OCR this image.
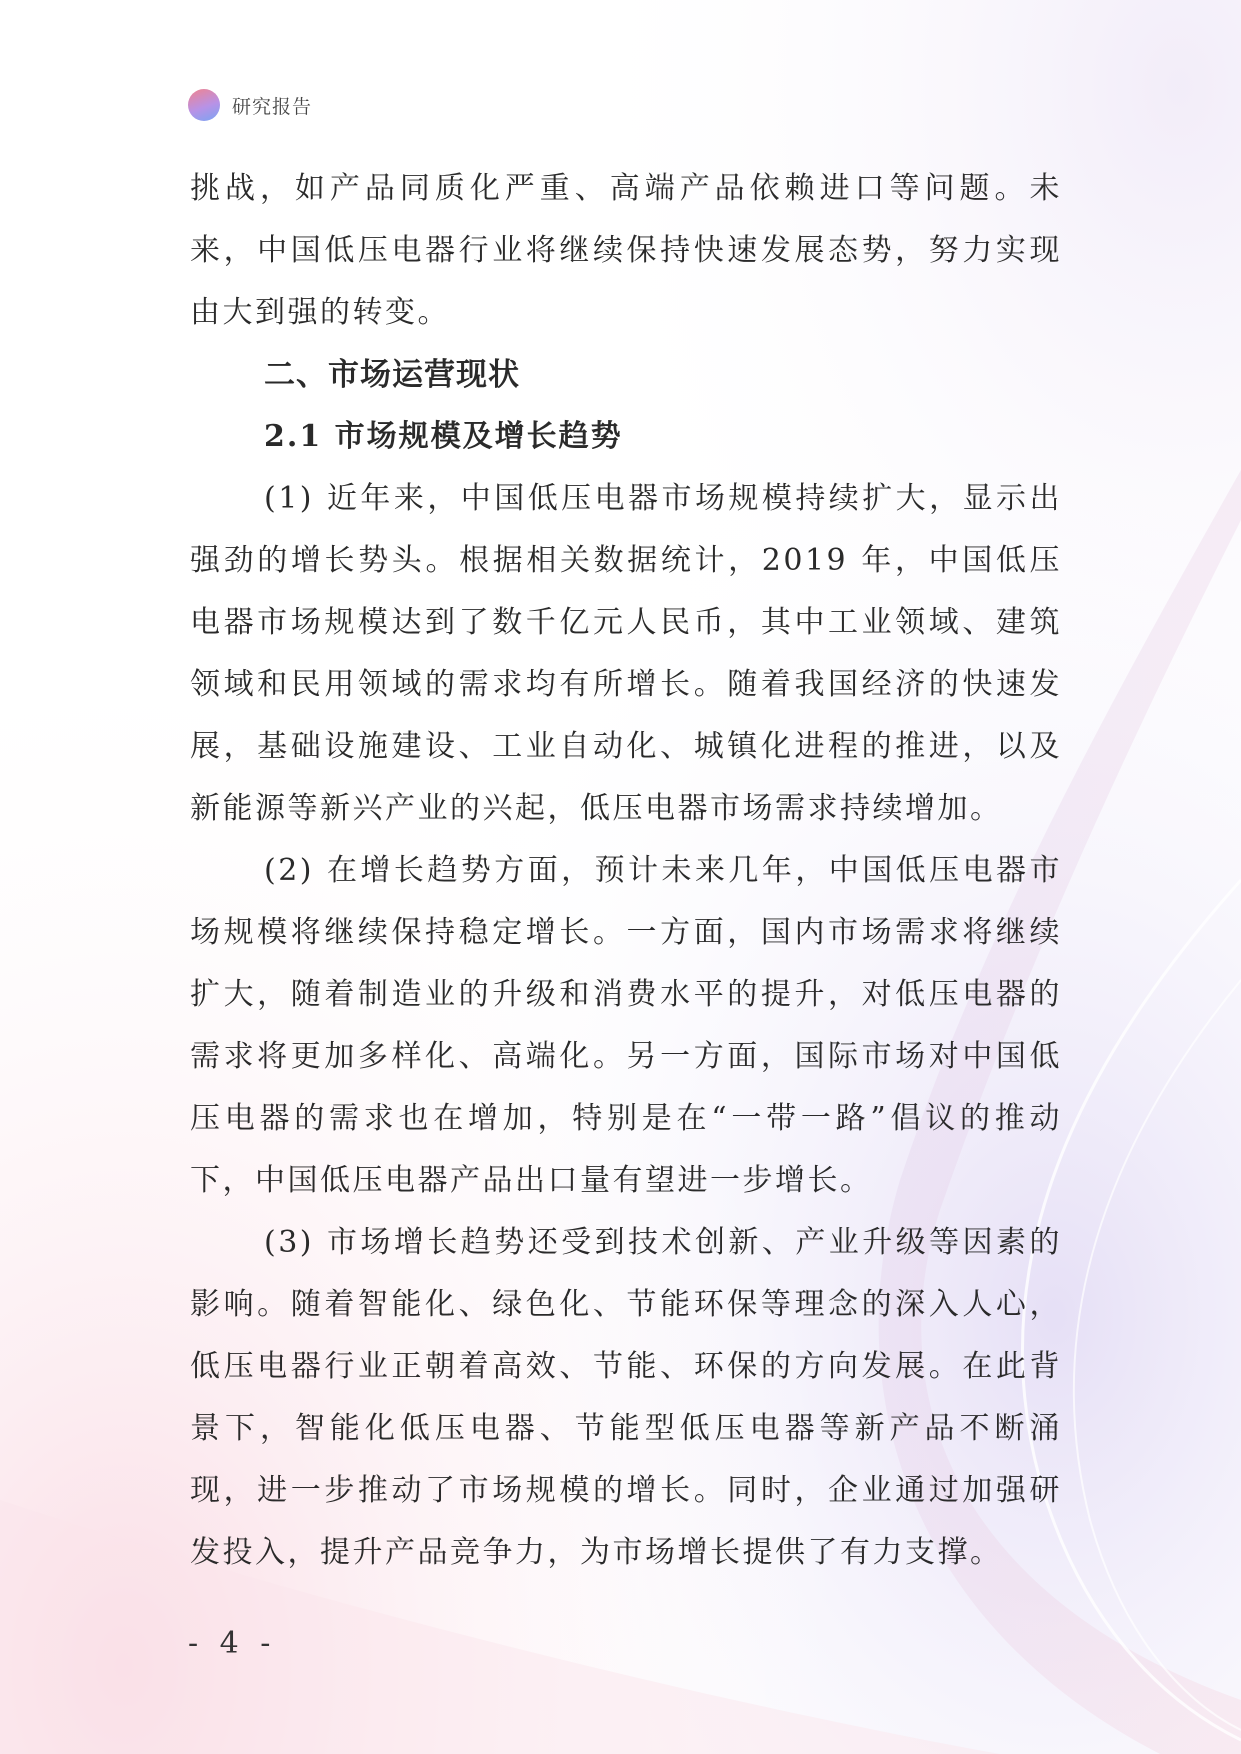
研究报告

挑战，如产品同质化严重、高端产品依赖进口等问题。未来，中国低压电器行业将继续保持快速发展态势，努力实现由大到强的转变。

二、市场运营现状
2.1 市场规模及增长趋势

(1) 近年来，中国低压电器市场规模持续扩大，显示出强劲的增长势头。根据相关数据统计，2019 年，中国低压电器市场规模达到了数千亿元人民币，其中工业领域、建筑领域和民用领域的需求均有所增长。随着我国经济的快速发展，基础设施建设、工业自动化、城镇化进程的推进，以及新能源等新兴产业的兴起，低压电器市场需求持续增加。

(2) 在增长趋势方面，预计未来几年，中国低压电器市场规模将继续保持稳定增长。一方面，国内市场需求将继续扩大，随着制造业的升级和消费水平的提升，对低压电器的需求将更加多样化、高端化。另一方面，国际市场对中国低压电器的需求也在增加，特别是在“一带一路”倡议的推动下，中国低压电器产品出口量有望进一步增长。

(3) 市场增长趋势还受到技术创新、产业升级等因素的影响。随着智能化、绿色化、节能环保等理念的深入人心，低压电器行业正朝着高效、节能、环保的方向发展。在此背景下，智能化低压电器、节能型低压电器等新产品不断涌现，进一步推动了市场规模的增长。同时，企业通过加强研发投入，提升产品竞争力，为市场增长提供了有力支撑。

- 4 -
